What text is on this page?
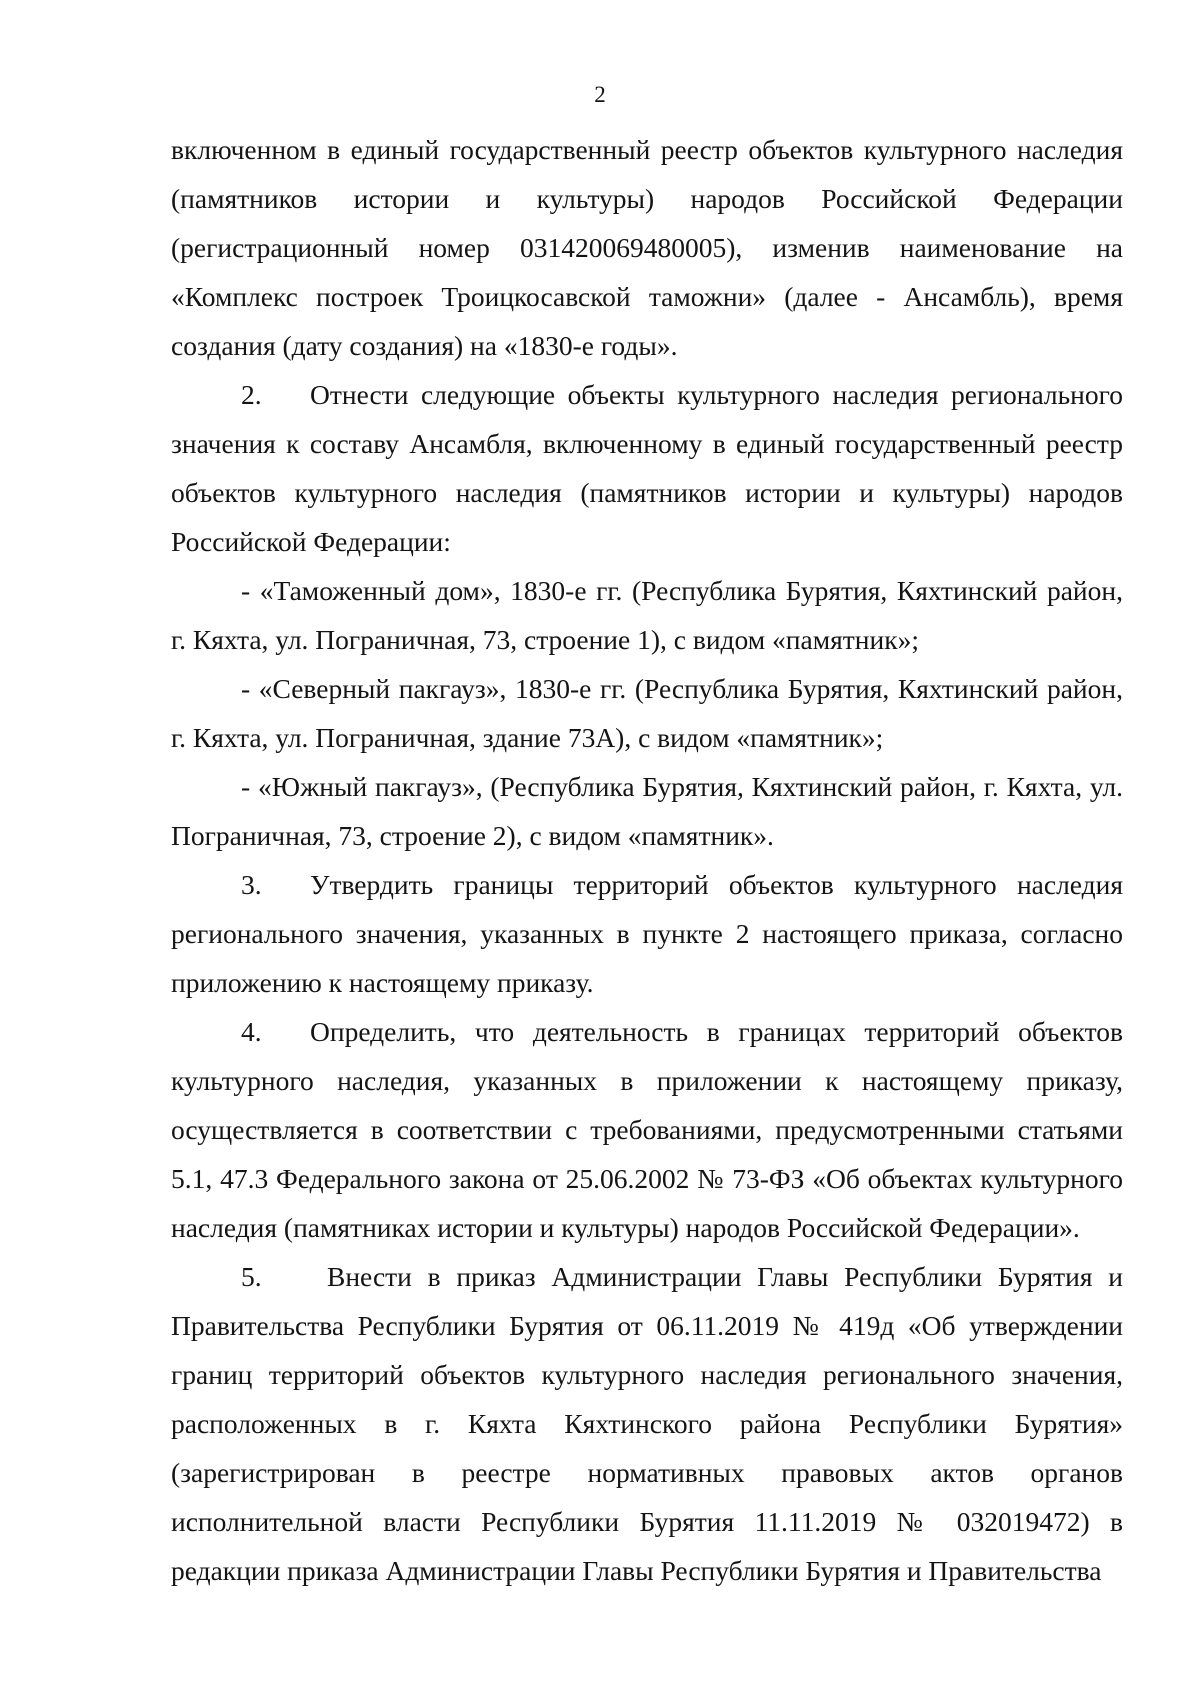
2

включенном в единый государственный реестр объектов культурного наследия (памятников истории и культуры) народов Российской Федерации (регистрационный номер 031420069480005), изменив наименование на «Комплекс построек Троицкосавской таможни» (далее - Ансамбль), время создания (дату создания) на «1830-е годы».

2. Отнести следующие объекты культурного наследия регионального значения к составу Ансамбля, включенному в единый государственный реестр объектов культурного наследия (памятников истории и культуры) народов Российской Федерации:

- «Таможенный дом», 1830-е гг. (Республика Бурятия, Кяхтинский район, г. Кяхта, ул. Пограничная, 73, строение 1), с видом «памятник»;

- «Северный пакгауз», 1830-е гг. (Республика Бурятия, Кяхтинский район, г. Кяхта, ул. Пограничная, здание 73А), с видом «памятник»;

- «Южный пакгауз», (Республика Бурятия, Кяхтинский район, г. Кяхта, ул. Пограничная, 73, строение 2), с видом «памятник».

3. Утвердить границы территорий объектов культурного наследия регионального значения, указанных в пункте 2 настоящего приказа, согласно приложению к настоящему приказу.

4. Определить, что деятельность в границах территорий объектов культурного наследия, указанных в приложении к настоящему приказу, осуществляется в соответствии с требованиями, предусмотренными статьями 5.1, 47.3 Федерального закона от 25.06.2002 № 73-ФЗ «Об объектах культурного наследия (памятниках истории и культуры) народов Российской Федерации».

5. Внести в приказ Администрации Главы Республики Бурятия и Правительства Республики Бурятия от 06.11.2019 № 419д «Об утверждении границ территорий объектов культурного наследия регионального значения, расположенных в г. Кяхта Кяхтинского района Республики Бурятия» (зарегистрирован в реестре нормативных правовых актов органов исполнительной власти Республики Бурятия 11.11.2019 № 032019472) в редакции приказа Администрации Главы Республики Бурятия и Правительства
